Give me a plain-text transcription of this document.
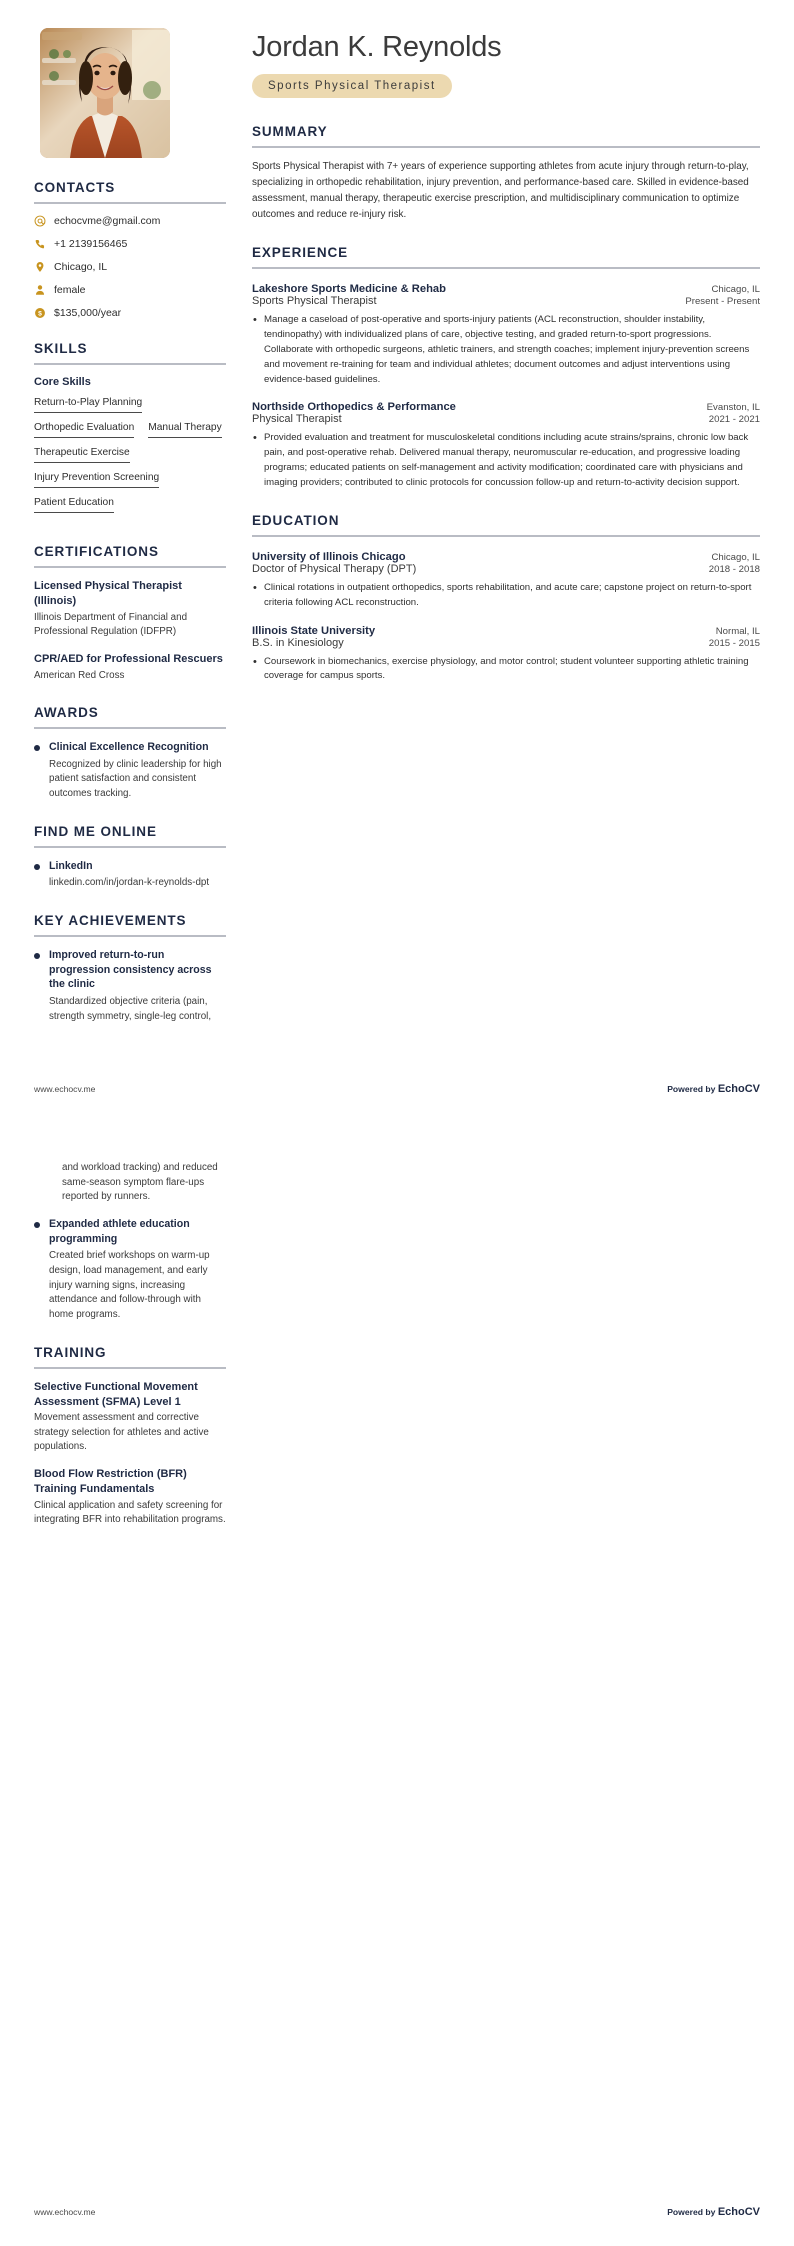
CONTACTS
echocvme@gmail.com
+1 2139156465
Chicago, IL
female
$ $135,000/year
SKILLS
Core Skills
Return-to-Play Planning
Orthopedic Evaluation Manual Therapy
Therapeutic Exercise
Injury Prevention Screening
Patient Education
CERTIFICATIONS
Licensed Physical Therapist (Illinois)
Illinois Department of Financial and Professional Regulation (IDFPR)
CPR/AED for Professional Rescuers
American Red Cross
AWARDS
Clinical Excellence Recognition
Recognized by clinic leadership for high patient satisfaction and consistent outcomes tracking.
FIND ME ONLINE
LinkedIn
linkedin.com/in/jordan-k-reynolds-dpt
KEY ACHIEVEMENTS
Improved return-to-run progression consistency across the clinic
Standardized objective criteria (pain, strength symmetry, single-leg control,
Jordan K. Reynolds
Sports Physical Therapist
SUMMARY

Sports Physical Therapist with 7+ years of experience supporting athletes from acute injury through return-to-play, specializing in orthopedic rehabilitation, injury prevention, and performance-based care. Skilled in evidence-based assessment, manual therapy, therapeutic exercise prescription, and multidisciplinary communication to optimize outcomes and reduce re-injury risk.

EXPERIENCE
Lakeshore Sports Medicine & Rehab	Chicago, IL
Sports Physical Therapist	Present - Present
• Manage a caseload of post-operative and sports-injury patients (ACL reconstruction, shoulder instability, tendinopathy) with individualized plans of care, objective testing, and graded return-to-sport progressions. Collaborate with orthopedic surgeons, athletic trainers, and strength coaches; implement injury-prevention screens and movement re-training for team and individual athletes; document outcomes and adjust interventions using evidence-based guidelines.
Northside Orthopedics & Performance	Evanston, IL
Physical Therapist	2021 - 2021
• Provided evaluation and treatment for musculoskeletal conditions including acute strains/sprains, chronic low back pain, and post-operative rehab. Delivered manual therapy, neuromuscular re-education, and progressive loading programs; educated patients on self-management and activity modification; coordinated care with physicians and imaging providers; contributed to clinic protocols for concussion follow-up and return-to-activity decision support.
EDUCATION
University of Illinois Chicago	Chicago, IL
Doctor of Physical Therapy (DPT)	2018 - 2018
• Clinical rotations in outpatient orthopedics, sports rehabilitation, and acute care; capstone project on return-to-sport criteria following ACL reconstruction.
Illinois State University	Normal, IL
B.S. in Kinesiology	2015 - 2015
• Coursework in biomechanics, exercise physiology, and motor control; student volunteer supporting athletic training coverage for campus sports.
www.echocv.me	Powered by EchoCV
and workload tracking) and reduced same-season symptom flare-ups reported by runners.
Expanded athlete education programming
Created brief workshops on warm-up design, load management, and early injury warning signs, increasing attendance and follow-through with home programs.
TRAINING
Selective Functional Movement Assessment (SFMA) Level 1
Movement assessment and corrective strategy selection for athletes and active populations.
Blood Flow Restriction (BFR) Training Fundamentals
Clinical application and safety screening for integrating BFR into rehabilitation programs.
www.echocv.me	Powered by EchoCV
